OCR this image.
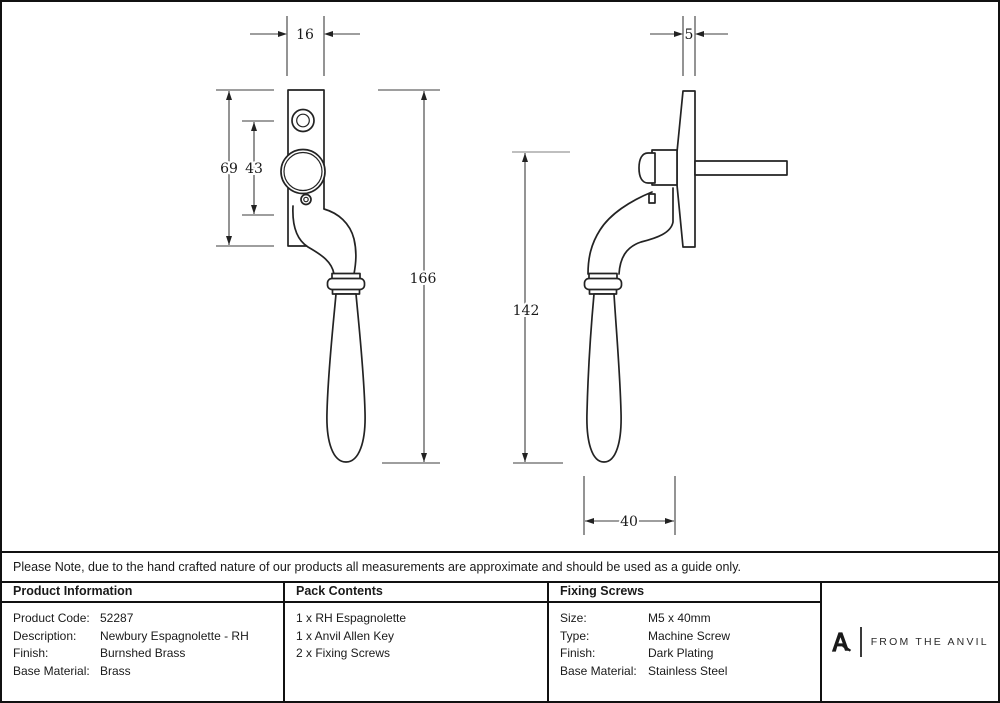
16
69 43
166
5
142
40
Please Note, due to the hand crafted nature of our products all measurements are approximate and should be used as a guide only.
Product Information
Product Code: 52287
Description: Newbury Espagnolette - RH
Finish:	Burnshed Brass
Base Material: Brass
Pack Contents
1 x RH Espagnolette
1 x Anvil Allen Key
2 x Fixing Screws
Fixing Screws
Size:	M5 x 40mm
Type:	Machine Screw
Finish:	Dark Plating
Base Material: Stainless Steel
FROM THE ANVIL
